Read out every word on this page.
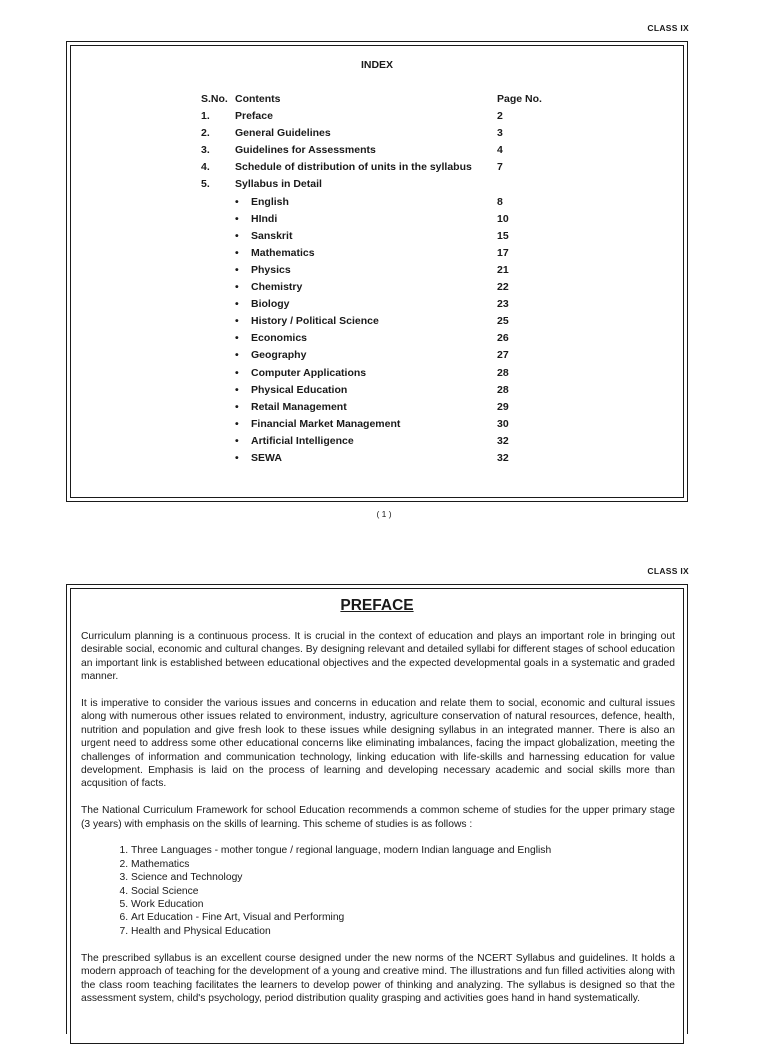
CLASS IX
INDEX
S.No. Contents	Page No.
1. Preface	2
2. General Guidelines	3
3. Guidelines for Assessments	4
4. Schedule of distribution of units in the syllabus 7
5. Syllabus in Detail
• English	8
• HIndi	10
• Sanskrit	15
• Mathematics	17
• Physics	21
• Chemistry	22
• Biology	23
• History / Political Science	25
• Economics	26
• Geography	27
• Computer Applications	28
• Physical Education	28
• Retail Management	29
• Financial Market Management	30
• Artificial Intelligence	32
• SEWA	32
( 1 )
CLASS IX
PREFACE

Curriculum planning is a continuous process. It is crucial in the context of education and plays an important role in bringing out desirable social, economic and cultural changes. By designing relevant and detailed syllabi for different stages of school education an important link is established between educational objectives and the expected developmental goals in a systematic and graded manner.

It is imperative to consider the various issues and concerns in education and relate them to social, economic and cultural issues along with numerous other issues related to environment, industry, agriculture conservation of natural resources, defence, health, nutrition and population and give fresh look to these issues while designing syllabus in an integrated manner. There is also an urgent need to address some other educational concerns like eliminating imbalances, facing the impact globalization, meeting the challenges of information and communication technology, linking education with life-skills and harnessing education for value development. Emphasis is laid on the process of learning and developing necessary academic and social skills more than acqusition of facts.

The National Curriculum Framework for school Education recommends a common scheme of studies for the upper primary stage (3 years) with emphasis on the skills of learning. This scheme of studies is as follows :

1. Three Languages - mother tongue / regional language, modern Indian language and English
2. Mathematics
3. Science and Technology
4. Social Science
5. Work Education
6. Art Education - Fine Art, Visual and Performing
7. Health and Physical Education

The prescribed syllabus is an excellent course designed under the new norms of the NCERT Syllabus and guidelines. It holds a modern approach of teaching for the development of a young and creative mind. The illustrations and fun filled activities along with the class room teaching facilitates the learners to develop power of thinking and analyzing. The syllabus is designed so that the assessment system, child's psychology, period distribution quality grasping and activities goes hand in hand systematically.
